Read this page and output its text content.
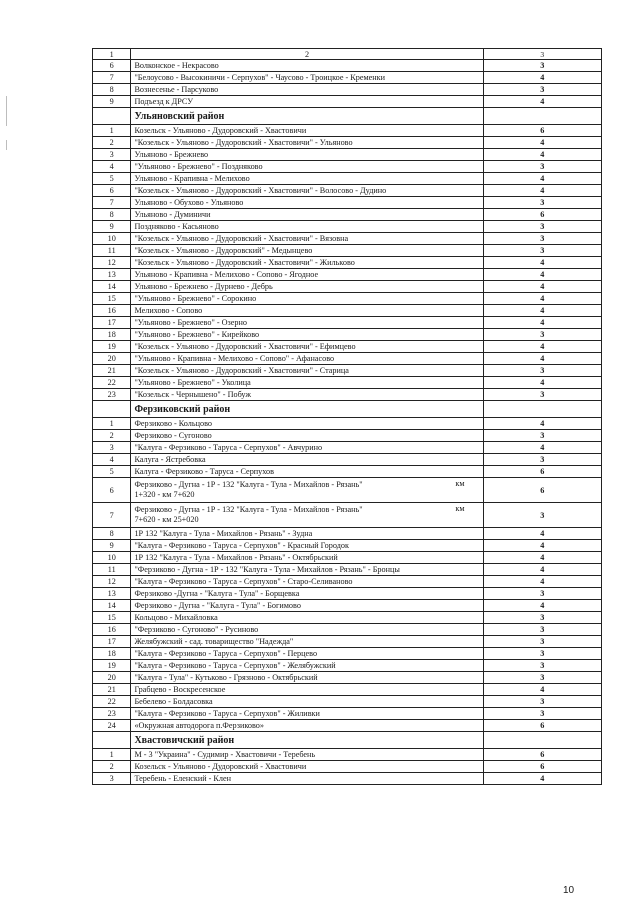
1	2	3
6	Волконское - Некрасово	3
7	"Белоусово - Высокиничи - Серпухов" - Чаусово - Троицкое - Кременки	4
8	Вознесенье - Парсуково	3
9	Подъезд к ДРСУ	4
	Ульяновский район	
1	Козельск - Ульяново - Дудоровский - Хвастовичи	6
2	"Козельск - Ульяново - Дудоровский - Хвастовичи" - Ульяново	4
3	Ульяново - Брежнево	4
4	"Ульяново - Брежнево" - Поздняково	3
5	Ульяново - Крапивна - Мелихово	4
6	"Козельск - Ульяново - Дудоровский - Хвастовичи" - Волосово - Дудино	4
7	Ульяново - Обухово - Ульяново	3
8	Ульяново - Думиничи	6
9	Поздняково - Касьяново	3
10	"Козельск - Ульяново - Дудоровский - Хвастовичи" - Вязовна	3
11	"Козельск - Ульяново - Дудоровский" - Медынцево	3
12	"Козельск - Ульяново - Дудоровский - Хвастовичи" - Жильково	4
13	Ульяново - Крапивна - Мелихово - Сопово - Ягодное	4
14	Ульяново - Брежнево - Дурнево - Дебрь	4
15	"Ульяново - Брежнево" - Сорокино	4
16	Мелихово - Сопово	4
17	"Ульяново - Брежнево" - Озерно	4
18	"Ульяново - Брежнево" - Кирейково	3
19	"Козельск - Ульяново - Дудоровский - Хвастовичи" - Ефимцево	4
20	"Ульяново - Крапивна - Мелихово - Сопово" - Афанасово	4
21	"Козельск - Ульяново - Дудоровский - Хвастовичи" - Старица	3
22	"Ульяново - Брежнево" - Уколица	4
23	"Козельск - Чернышено" - Побуж	3
	Ферзиковский район	
1	Ферзиково - Кольцово	4
2	Ферзиково - Сугоново	3
3	"Калуга - Ферзиково - Таруса - Серпухов" - Авчурино	4
4	Калуга - Ястребовка	3
5	Калуга - Ферзиково - Таруса - Серпухов	6
6	Ферзиково - Дугна - 1Р - 132 "Калуга - Тула - Михайлов - Рязань" км
1+320 - км 7+620	6
7	Ферзиково - Дугна - 1Р - 132 "Калуга - Тула - Михайлов - Рязань" км
7+620 - км 25+020	3
8	1Р 132 "Калуга - Тула - Михайлов - Рязань" - Зудна	4
9	"Калуга - Ферзиково - Таруса - Серпухов" - Красный Городок	4
10	1Р 132 "Калуга - Тула - Михайлов - Рязань" - Октябрьский	4
11	"Ферзиково - Дугна - 1Р - 132 "Калуга - Тула - Михайлов - Рязань" - Бронцы	4
12	"Калуга - Ферзиково - Таруса - Серпухов" - Старо-Селиваново	4
13	Ферзиково -Дугна - "Калуга - Тула" - Борщевка	3
14	Ферзиково - Дугна - "Калуга - Тула" - Богимово	4
15	Кольцово - Михайловка	3
16	"Ферзиково - Сугоново" - Русиново	3
17	Желябужский - сад. товарищество "Надежда"	3
18	"Калуга - Ферзиково - Таруса - Серпухов" - Перцево	3
19	"Калуга - Ферзиково - Таруса - Серпухов" - Желябужский	3
20	"Калуга - Тула" - Кутьково - Грязново - Октябрьский	3
21	Грабцево - Воскресенское	4
22	Бебелево - Болдасовка	3
23	"Калуга - Ферзиково - Таруса - Серпухов" - Жиливки	3
24	«Окружная автодорога п.Ферзиково»	6
	Хвастовичский район	
1	М - 3 "Украина" - Судимир - Хвастовичи - Теребень	6
2	Козельск - Ульяново - Дудоровский - Хвастовичи	6
3	Теребень - Еленский - Клен	4
10
